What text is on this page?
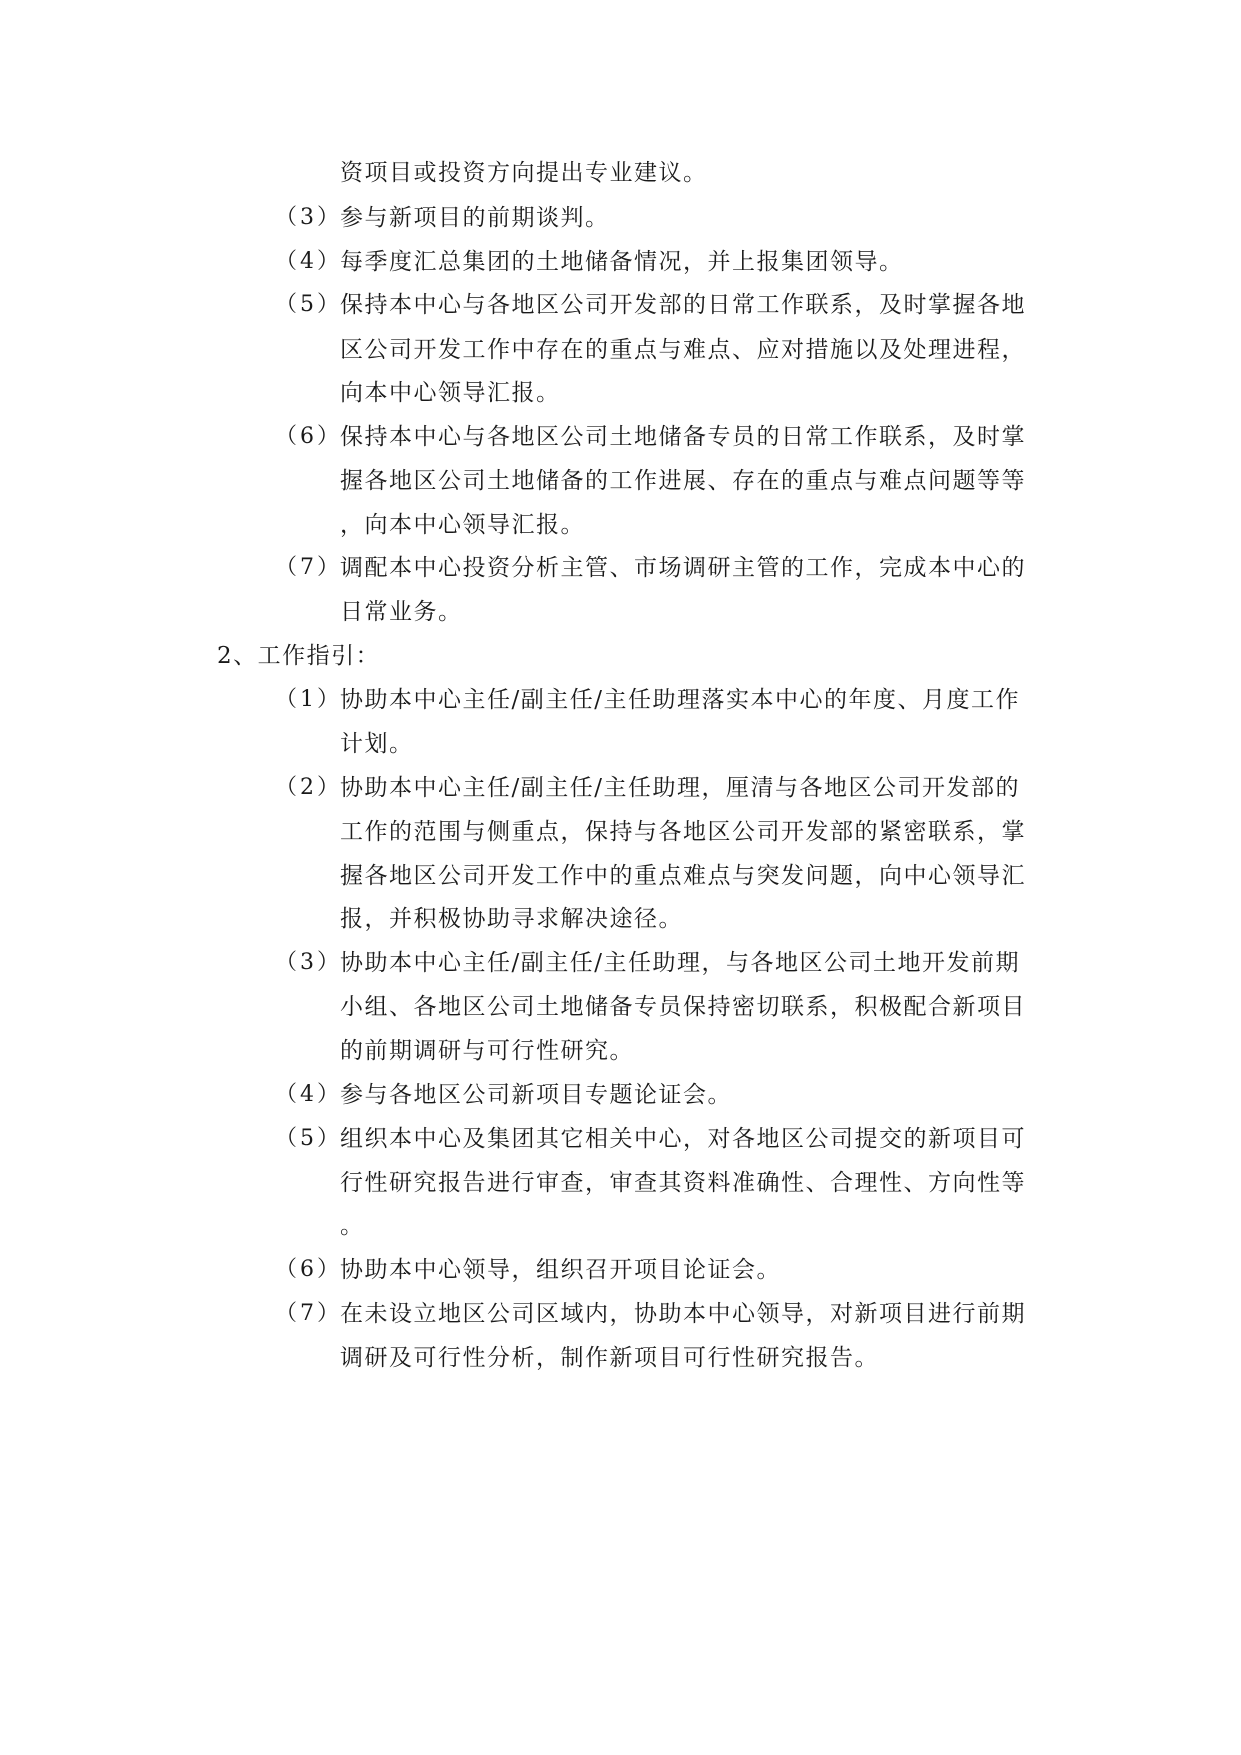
资项目或投资方向提出专业建议。
（3）
参与新项目的前期谈判。
（4）
每季度汇总集团的土地储备情况，并上报集团领导。
（5）
保持本中心与各地区公司开发部的日常工作联系，及时掌握各地
区公司开发工作中存在的重点与难点、应对措施以及处理进程，
向本中心领导汇报。
（6）
保持本中心与各地区公司土地储备专员的日常工作联系，及时掌
握各地区公司土地储备的工作进展、存在的重点与难点问题等等
，向本中心领导汇报。
（7）
调配本中心投资分析主管、市场调研主管的工作，完成本中心的
日常业务。
2、工作指引：
（1）
协助本中心主任/副主任/主任助理落实本中心的年度、月度工作
计划。
（2）
协助本中心主任/副主任/主任助理，厘清与各地区公司开发部的
工作的范围与侧重点，保持与各地区公司开发部的紧密联系，掌
握各地区公司开发工作中的重点难点与突发问题，向中心领导汇
报，并积极协助寻求解决途径。
（3）
协助本中心主任/副主任/主任助理，与各地区公司土地开发前期
小组、各地区公司土地储备专员保持密切联系，积极配合新项目
的前期调研与可行性研究。
（4）
参与各地区公司新项目专题论证会。
（5）
组织本中心及集团其它相关中心，对各地区公司提交的新项目可
行性研究报告进行审查，审查其资料准确性、合理性、方向性等
。
（6）
协助本中心领导，组织召开项目论证会。
（7）
在未设立地区公司区域内，协助本中心领导，对新项目进行前期
调研及可行性分析，制作新项目可行性研究报告。
